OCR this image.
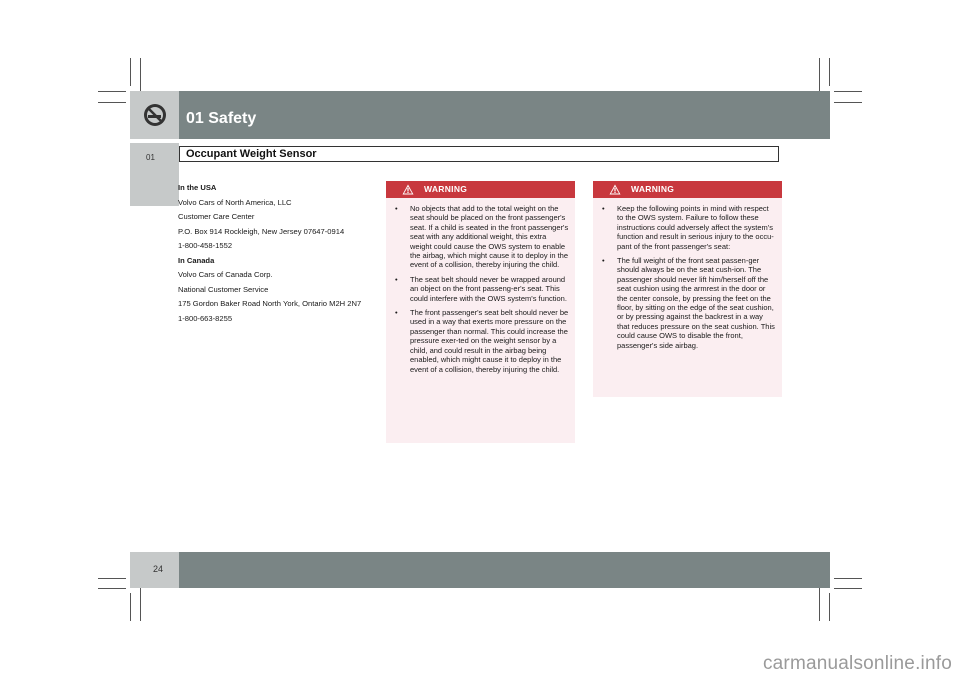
01 Safety
01	Occupant Weight Sensor

In the USA

Volvo Cars of North America, LLC

Customer Care Center

P.O. Box 914 Rockleigh, New Jersey 07647-0914

1-800-458-1552

In Canada

Volvo Cars of Canada Corp.

National Customer Service

175 Gordon Baker Road North York, Ontario M2H 2N7

1-800-663-8255

WARNING
• No objects that add to the total weight on the seat should be placed on the front passenger's seat. If a child is seated in the front passenger's seat with any additional weight, this extra weight could cause the OWS system to enable the airbag, which might cause it to deploy in the event of a collision, thereby injuring the child.
• The seat belt should never be wrapped around an object on the front passeng-er's seat. This could interfere with the OWS system's function.
• The front passenger's seat belt should never be used in a way that exerts more pressure on the passenger than normal. This could increase the pressure exer-ted on the weight sensor by a child, and could result in the airbag being enabled, which might cause it to deploy in the event of a collision, thereby injuring the child.
WARNING
• Keep the following points in mind with respect to the OWS system. Failure to follow these instructions could adversely affect the system's function and result in serious injury to the occu-pant of the front passenger's seat:
• The full weight of the front seat passen-ger should always be on the seat cush-ion. The passenger should never lift him/herself off the seat cushion using the armrest in the door or the center console, by pressing the feet on the floor, by sitting on the edge of the seat cushion, or by pressing against the backrest in a way that reduces pressure on the seat cushion. This could cause OWS to disable the front, passenger's side airbag.
24
carmanualsonline.info
